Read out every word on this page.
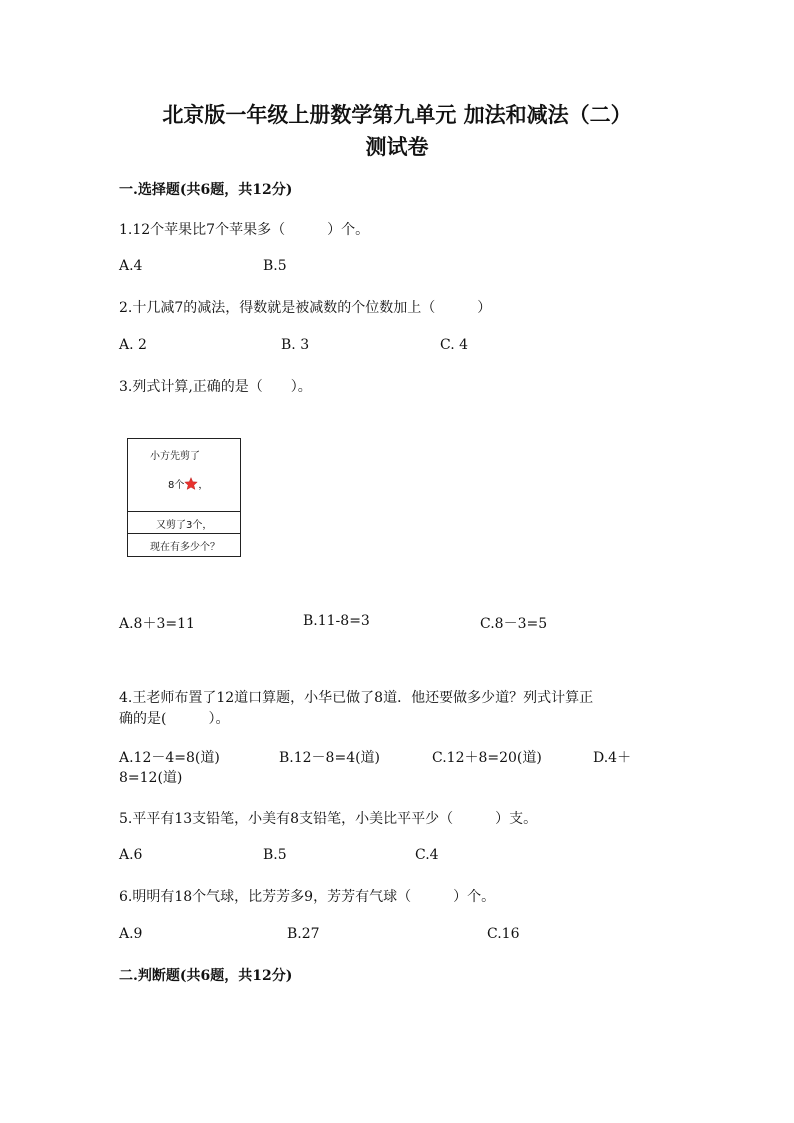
北京版一年级上册数学第九单元 加法和减法（二）
测试卷
一.选择题(共6题，共12分)
1.12个苹果比7个苹果多（　　　）个。
A.4	B.5
2.十几减7的减法，得数就是被减数的个位数加上（　　　）
A. 2	B. 3	C. 4
3.列式计算,正确的是（　　）。
小方先剪了
8个 ，
又剪了3个，
现在有多少个？
A.8＋3=11	B.11-8=3	C.8－3=5
4.王老师布置了12道口算题，小华已做了8道．他还要做多少道？列式计算正
确的是(　　　）。
A.12－4=8(道)	B.12－8=4(道)	C.12＋8=20(道)	D.4＋
8=12(道)
5.平平有13支铅笔，小美有8支铅笔，小美比平平少（　　　）支。
A.6	B.5	C.4
6.明明有18个气球，比芳芳多9，芳芳有气球（　　　）个。
A.9	B.27	C.16
二.判断题(共6题，共12分)
